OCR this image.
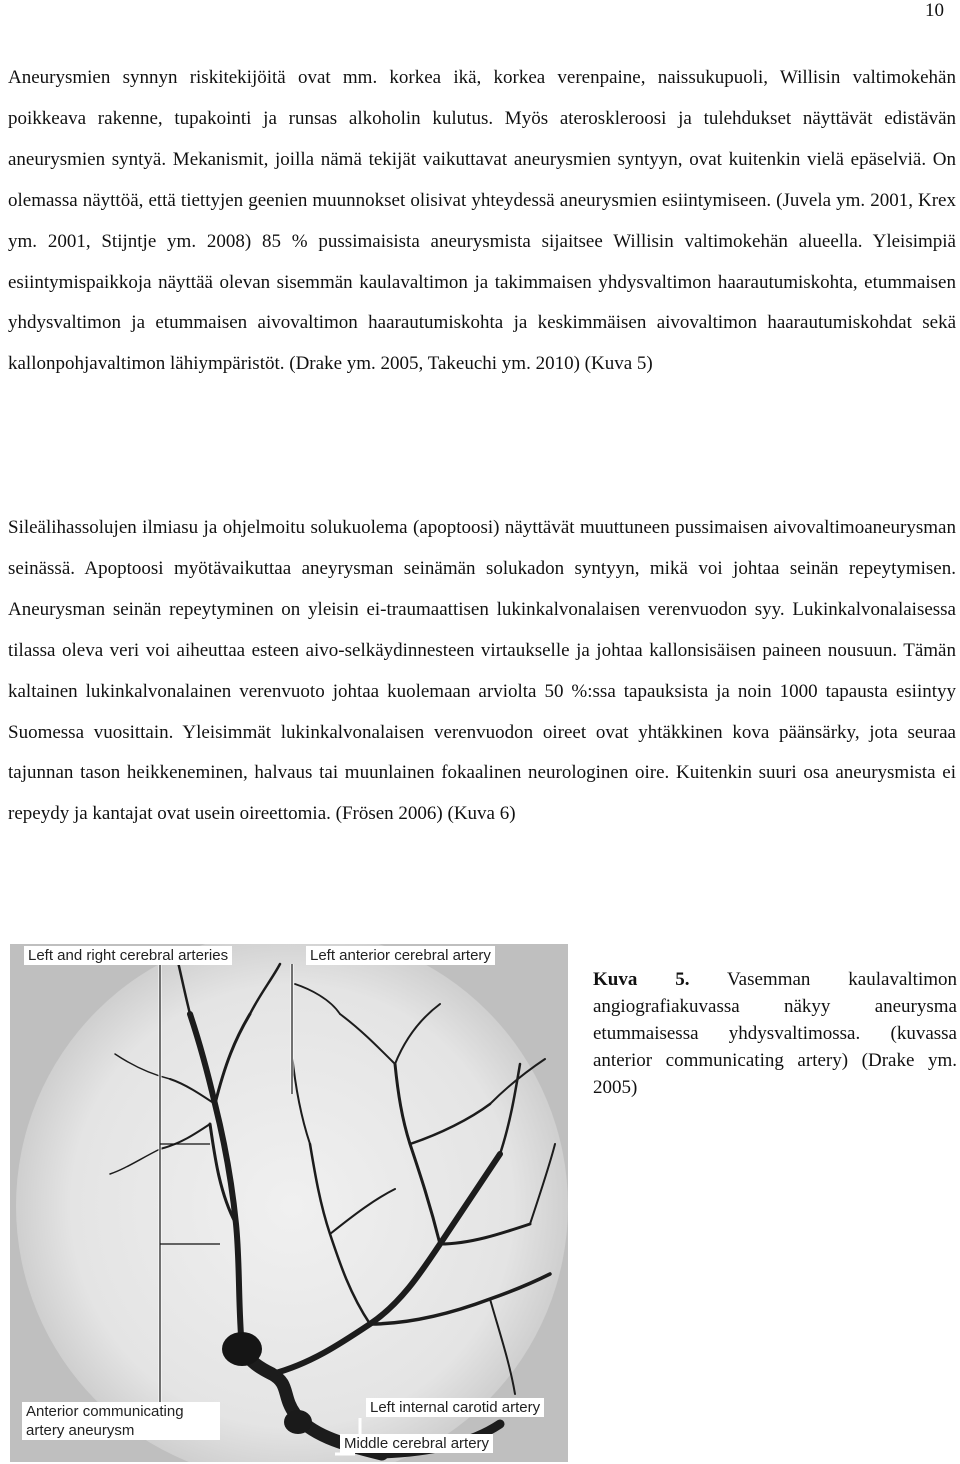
10

Aneurysmien synnyn riskitekijöitä ovat mm. korkea ikä, korkea verenpaine, naissukupuoli, Willisin valtimokehän poikkeava rakenne, tupakointi ja runsas alkoholin kulutus. Myös ateroskleroosi ja tulehdukset näyttävät edistävän aneurysmien syntyä. Mekanismit, joilla nämä tekijät vaikuttavat aneurysmien syntyyn, ovat kuitenkin vielä epäselviä. On olemassa näyttöä, että tiettyjen geenien muunnokset olisivat yhteydessä aneurysmien esiintymiseen. (Juvela ym. 2001, Krex ym. 2001, Stijntje ym. 2008) 85 % pussimaisista aneurysmista sijaitsee Willisin valtimokehän alueella. Yleisimpiä esiintymispaikkoja näyttää olevan sisemmän kaulavaltimon ja takimmaisen yhdysvaltimon haarautumiskohta, etummaisen yhdysvaltimon ja etummaisen aivovaltimon haarautumiskohta ja keskimmäisen aivovaltimon haarautumiskohdat sekä kallonpohjavaltimon lähiympäristöt. (Drake ym. 2005, Takeuchi ym. 2010) (Kuva 5)

Sileälihassolujen ilmiasu ja ohjelmoitu solukuolema (apoptoosi) näyttävät muuttuneen pussimaisen aivovaltimoaneurysman seinässä. Apoptoosi myötävaikuttaa aneyrysman seinämän solukadon syntyyn, mikä voi johtaa seinän repeytymisen. Aneurysman seinän repeytyminen on yleisin ei-traumaattisen lukinkalvonalaisen verenvuodon syy. Lukinkalvonalaisessa tilassa oleva veri voi aiheuttaa esteen aivo-selkäydinnesteen virtaukselle ja johtaa kallonsisäisen paineen nousuun. Tämän kaltainen lukinkalvonalainen verenvuoto johtaa kuolemaan arviolta 50 %:ssa tapauksista ja noin 1000 tapausta esiintyy Suomessa vuosittain. Yleisimmät lukinkalvonalaisen verenvuodon oireet ovat yhtäkkinen kova päänsärky, jota seuraa tajunnan tason heikkeneminen, halvaus tai muunlainen fokaalinen neurologinen oire. Kuitenkin suuri osa aneurysmista ei repeydy ja kantajat ovat usein oireettomia. (Frösen 2006) (Kuva 6)

Left and right cerebral arteries	Left anterior cerebral artery
Anterior communicating artery aneurysm
Left internal carotid artery
Middle cerebral artery

Kuva 5. Vasemman kaulavaltimon angiografiakuvassa näkyy aneurysma etummaisessa yhdysvaltimossa. (kuvassa anterior communicating artery) (Drake ym. 2005)
